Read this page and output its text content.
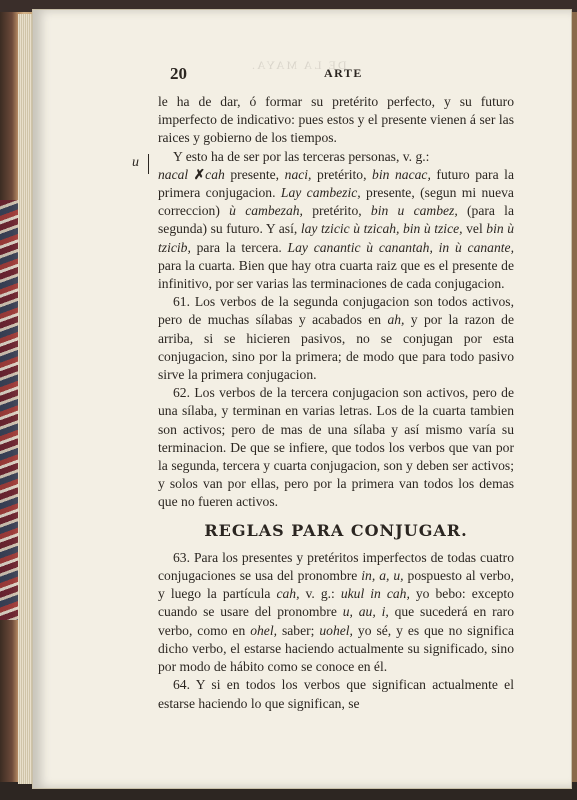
DE LA MAYA.
20	ARTE
u

le ha de dar, ó formar su pretérito perfecto, y su futuro imperfecto de indicativo: pues estos y el presente vienen á ser las raices y gobierno de los tiempos.

Y esto ha de ser por las terceras personas, v. g.:
nacal ✗cah presente, naci, pretérito, bin nacac, futuro para la primera conjugacion. Lay cambezic, presente, (segun mi nueva correccion) ù cambezah, pretérito, bin u cambez, (para la segunda) su futuro. Y así, lay tzicic ù tzicah, bin ù tzice, vel bin ù tzicib, para la tercera. Lay canantic ù canantah, in ù canante, para la cuarta. Bien que hay otra cuarta raiz que es el presente de infinitivo, por ser varias las terminaciones de cada conjugacion.

61. Los verbos de la segunda conjugacion son todos activos, pero de muchas sílabas y acabados en ah, y por la razon de arriba, si se hicieren pasivos, no se conjugan por esta conjugacion, sino por la primera; de modo que para todo pasivo sirve la primera conjugacion.

62. Los verbos de la tercera conjugacion son activos, pero de una sílaba, y terminan en varias letras. Los de la cuarta tambien son activos; pero de mas de una sílaba y así mismo varía su terminacion. De que se infiere, que todos los verbos que van por la segunda, tercera y cuarta conjugacion, son y deben ser activos; y solos van por ellas, pero por la primera van todos los demas que no fueren activos.

REGLAS PARA CONJUGAR.

63. Para los presentes y pretéritos imperfectos de todas cuatro conjugaciones se usa del pronombre in, a, u, pospuesto al verbo, y luego la partícula cah, v. g.: ukul in cah, yo bebo: excepto cuando se usare del pronombre u, au, i, que sucederá en raro verbo, como en ohel, saber; uohel, yo sé, y es que no significa dicho verbo, el estarse haciendo actualmente su significado, sino por modo de hábito como se conoce en él.

64. Y si en todos los verbos que significan actualmente el estarse haciendo lo que significan, se
